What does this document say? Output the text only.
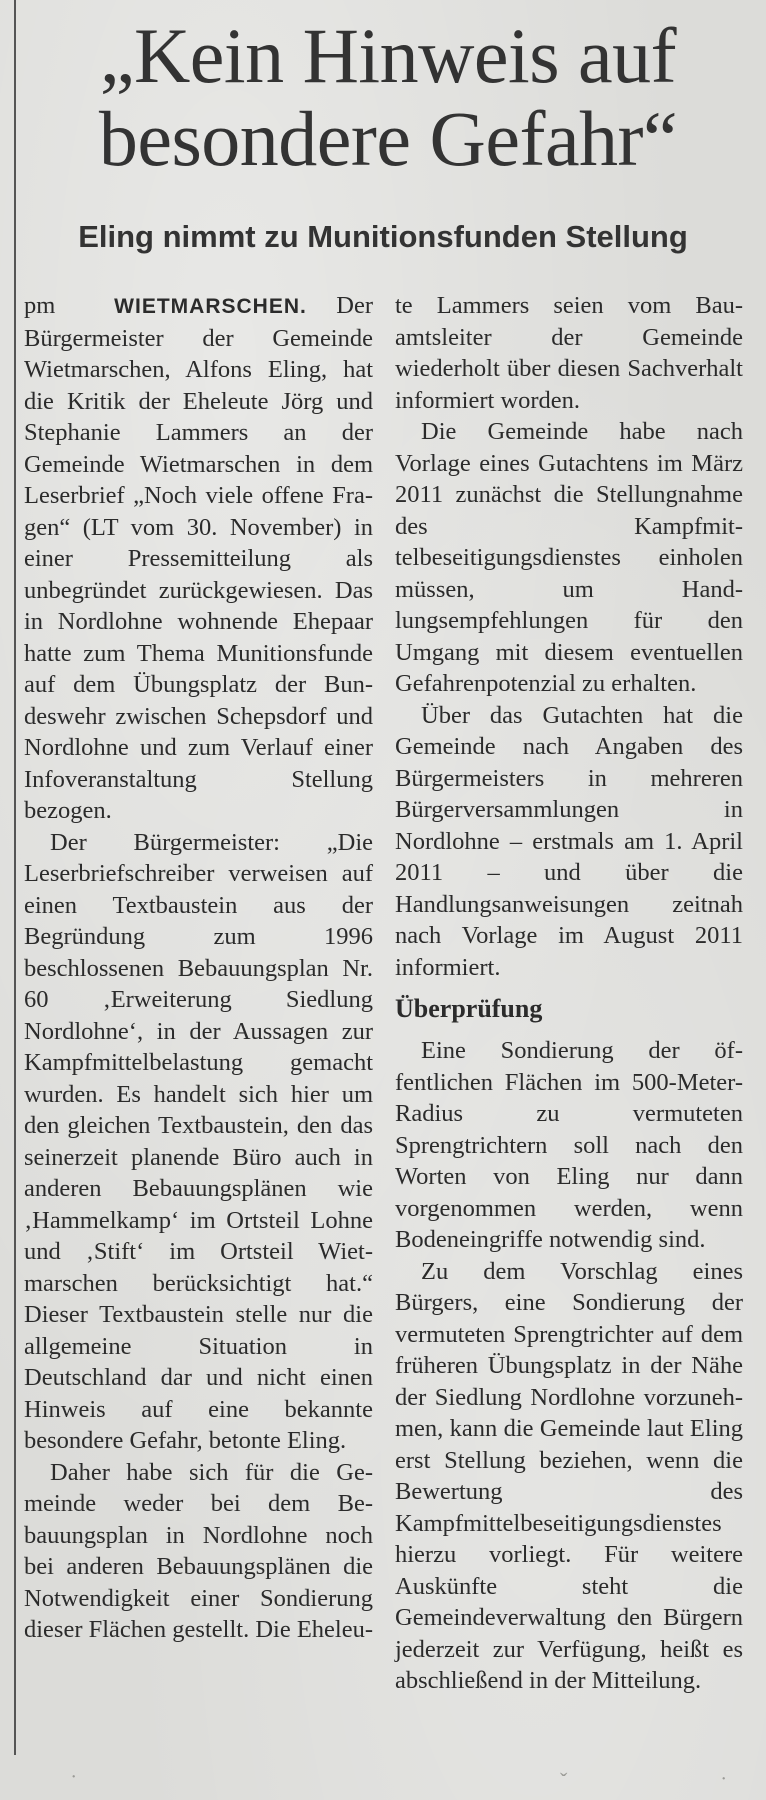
„Kein Hinweis auf besondere Gefahr“
Eling nimmt zu Munitionsfunden Stellung

pm	WIETMARSCHEN. Der Bürgermeister der Gemeinde Wietmarschen, Alfons Eling, hat die Kritik der Eheleute Jörg und Stephanie Lammers an der Gemeinde Wietmarschen in dem Leserbrief „Noch viele offene Fragen“ (LT vom 30. November) in einer Pressemitteilung als unbegründet zurückgewiesen. Das in Nordlohne wohnende Ehepaar hatte zum Thema Munitionsfunde auf dem Übungsplatz der Bundeswehr zwischen Schepsdorf und Nordlohne und zum Verlauf einer Infoveranstaltung Stellung bezogen.

Der Bürgermeister: „Die Leserbriefschreiber verweisen auf einen Textbaustein aus der Begründung zum 1996 beschlossenen Bebauungsplan Nr. 60 ‚Erweiterung Siedlung Nordlohne‘, in der Aussagen zur Kampfmittelbelastung gemacht wurden. Es handelt sich hier um den gleichen Textbaustein, den das seinerzeit planende Büro auch in anderen Bebauungsplänen wie ‚Hammelkamp‘ im Ortsteil Lohne und ‚Stift‘ im Ortsteil Wietmarschen berücksichtigt hat.“ Dieser Textbaustein stelle nur die allgemeine Situation in Deutschland dar und nicht einen Hinweis auf eine bekannte besondere Gefahr, betonte Eling.

Daher habe sich für die Gemeinde weder bei dem Bebauungsplan in Nordlohne noch bei anderen Bebauungsplänen die Notwendigkeit einer Sondierung dieser Flächen gestellt. Die Eheleu-

te Lammers seien vom Bauamtsleiter der Gemeinde wiederholt über diesen Sachverhalt informiert worden.

Die Gemeinde habe nach Vorlage eines Gutachtens im März 2011 zunächst die Stellungnahme des Kampfmittelbeseitigungsdienstes einholen müssen, um Handlungsempfehlungen für den Umgang mit diesem eventuellen Gefahrenpotenzial zu erhalten.

Über das Gutachten hat die Gemeinde nach Angaben des Bürgermeisters in mehreren Bürgerversammlungen in Nordlohne – erstmals am 1. April 2011 – und über die Handlungsanweisungen zeitnah nach Vorlage im August 2011 informiert.

Überprüfung

Eine Sondierung der öffentlichen Flächen im 500-Meter-Radius zu vermuteten Sprengtrichtern soll nach den Worten von Eling nur dann vorgenommen werden, wenn Bodeneingriffe notwendig sind.

Zu dem Vorschlag eines Bürgers, eine Sondierung der vermuteten Sprengtrichter auf dem früheren Übungsplatz in der Nähe der Siedlung Nordlohne vorzunehmen, kann die Gemeinde laut Eling erst Stellung beziehen, wenn die Bewertung des Kampfmittelbeseitigungsdienstes hierzu vorliegt. Für weitere Auskünfte steht die Gemeindeverwaltung den Bürgern jederzeit zur Verfügung, heißt es abschließend in der Mitteilung.

˙	ˇ	˙
